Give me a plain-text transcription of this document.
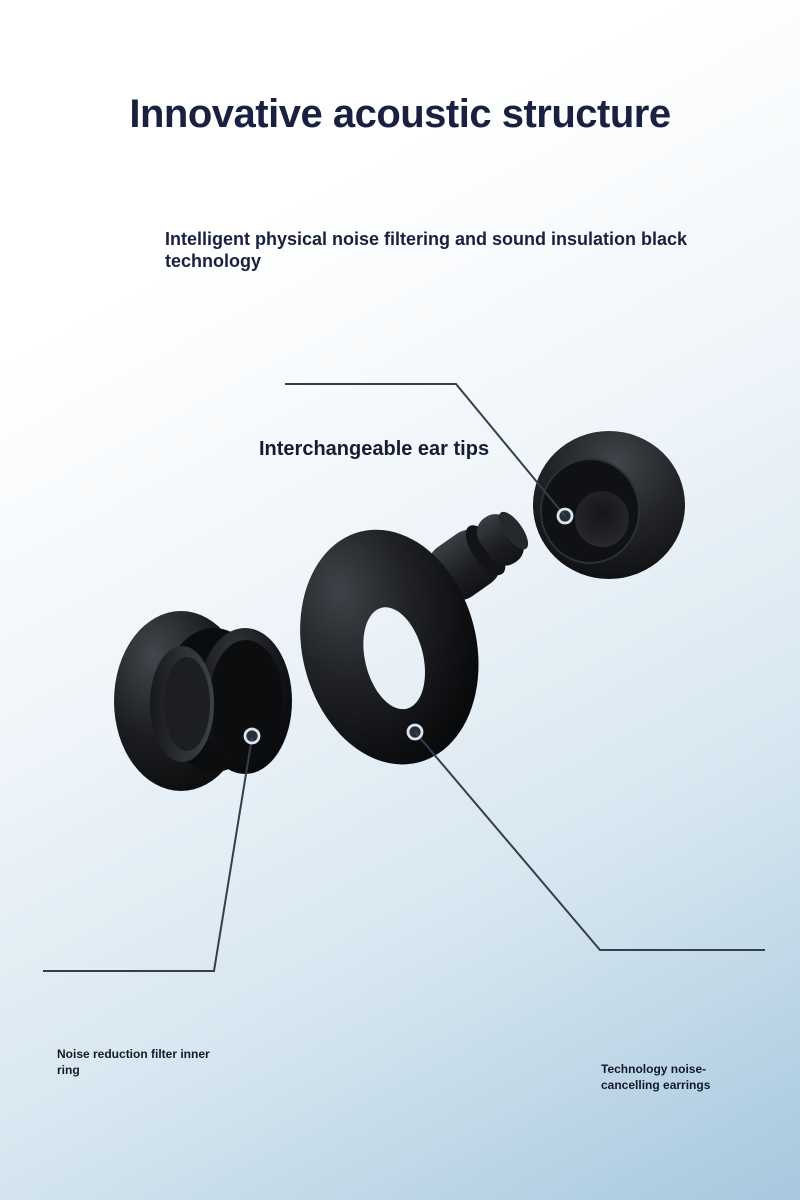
Innovative acoustic structure
Intelligent physical noise filtering and sound insulation black technology
Interchangeable ear tips
Noise reduction filter inner ring	Technology noise-cancelling earrings
